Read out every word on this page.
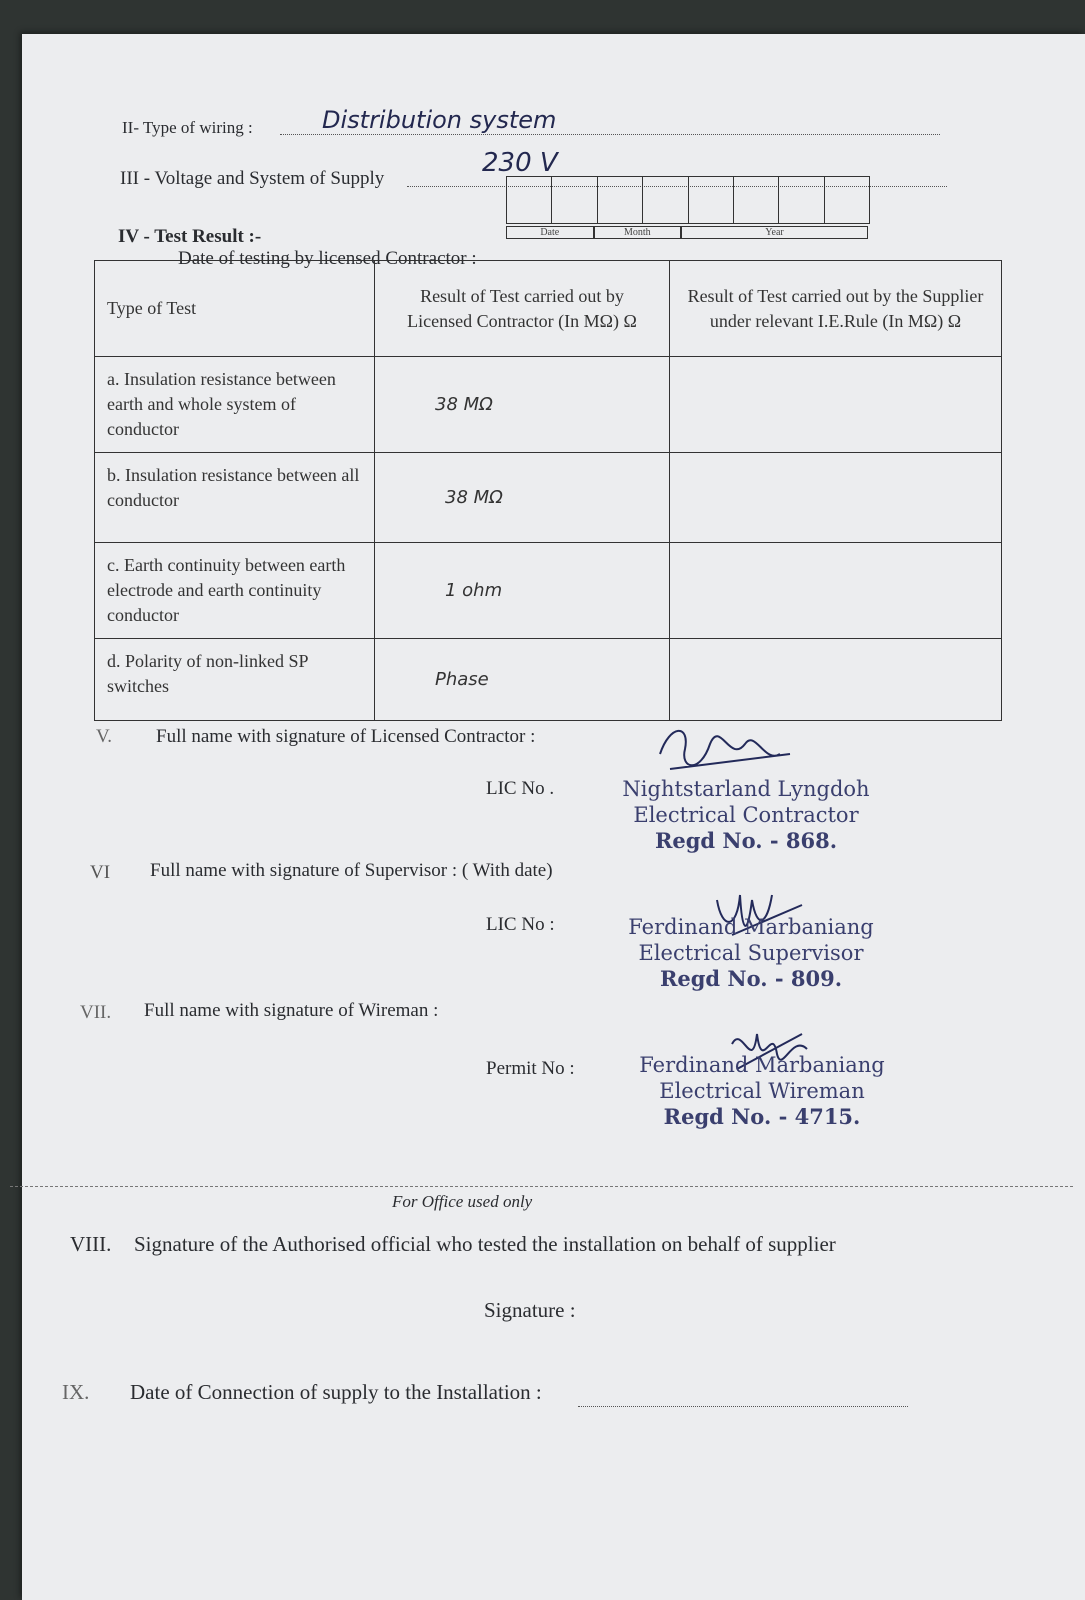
II- Type of wiring :	Distribution system
III - Voltage and System of Supply
230 V
IV - Test Result :-
Date of testing by licensed Contractor :
Date	Month	Year
Type of Test	Result of Test carried out by Licensed Contractor (In MΩ) Ω	Result of Test carried out by the Supplier under relevant I.E.Rule (In MΩ) Ω
a. Insulation resistance between earth and whole system of conductor	38 MΩ	
b. Insulation resistance between all conductor	38 MΩ	
c. Earth continuity between earth electrode and earth continuity conductor	1 ohm	
d. Polarity of non-linked SP switches	Phase	
V. Full name with signature of Licensed Contractor :
LIC No .	Nightstarland Lyngdoh
Electrical Contractor
Regd No. - 868.
VI Full name with signature of Supervisor : ( With date)
LIC No :	Ferdinand Marbaniang
Electrical Supervisor
Regd No. - 809.
VII. Full name with signature of Wireman :
Permit No :	Ferdinand Marbaniang
Electrical Wireman
Regd No. - 4715.
For Office used only
VIII. Signature of the Authorised official who tested the installation on behalf of supplier
Signature :
IX. Date of Connection of supply to the Installation :
